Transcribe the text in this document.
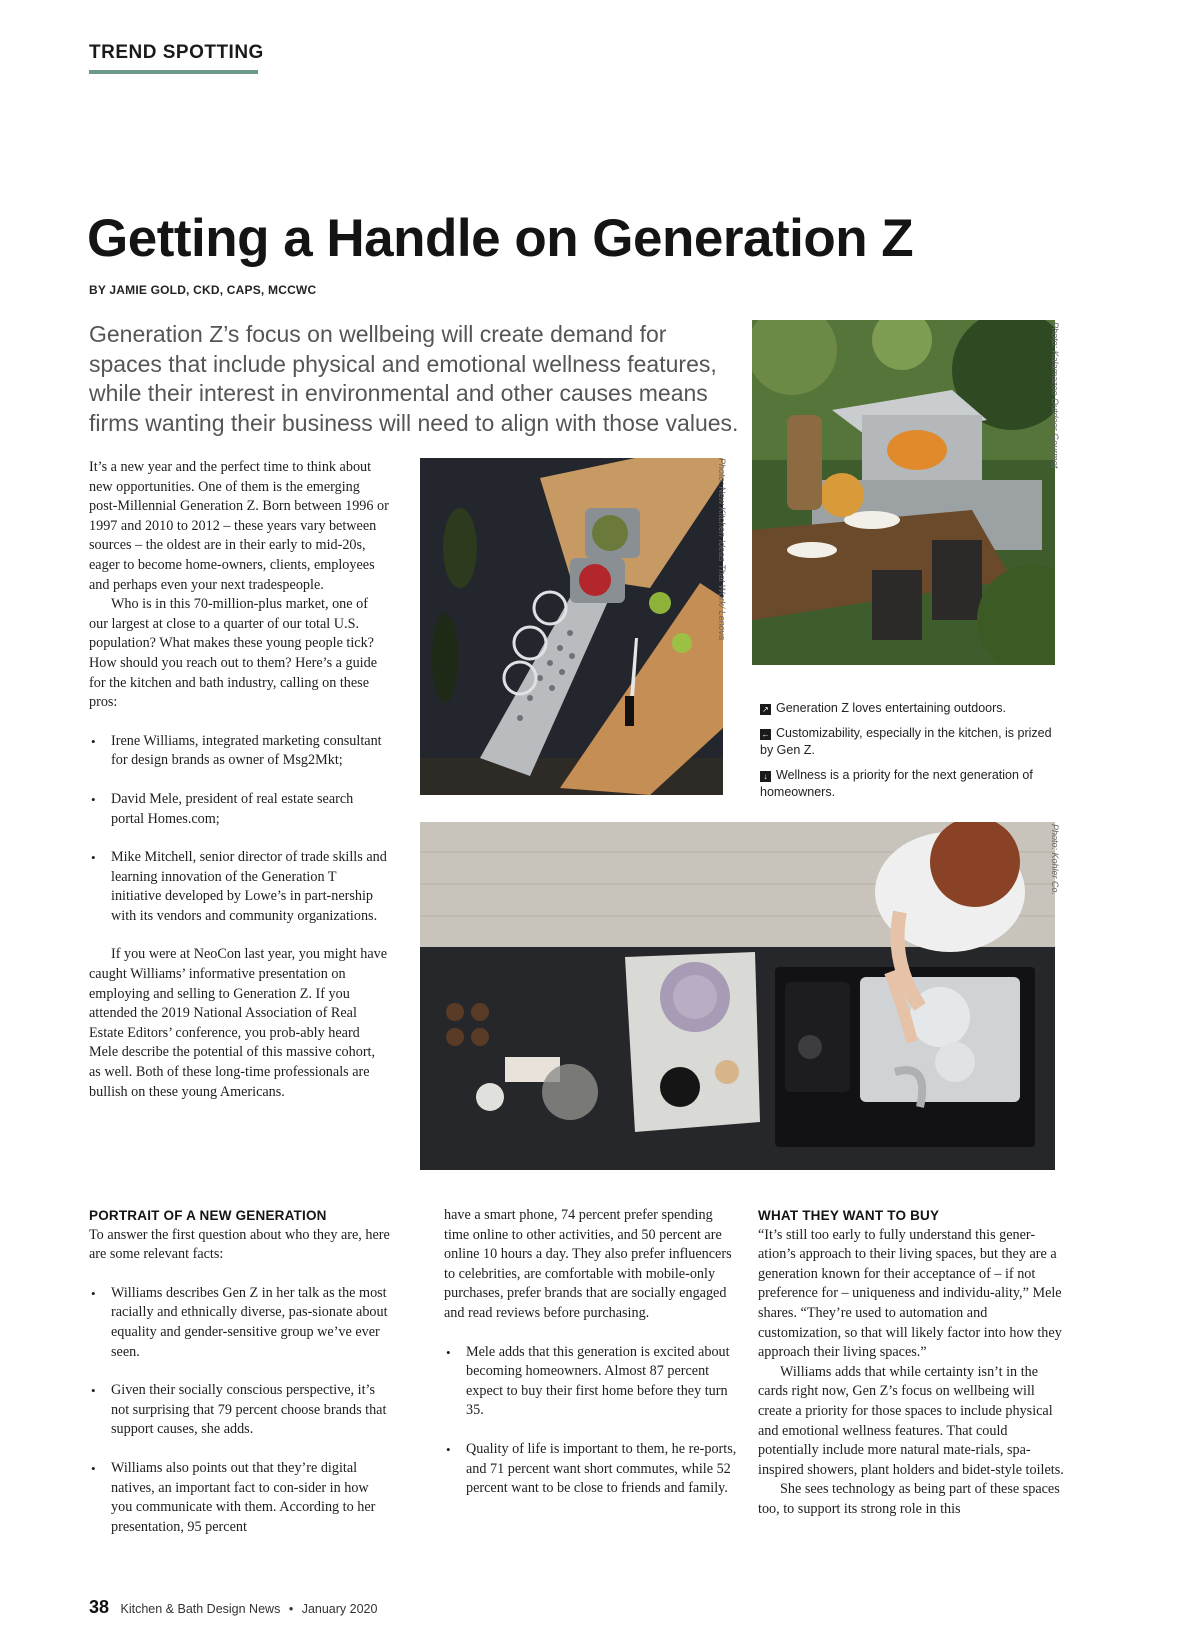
TREND SPOTTING
Getting a Handle on Generation Z
BY JAMIE GOLD, CKD, CAPS, MCCWC
Generation Z’s focus on wellbeing will create demand for spaces that include physical and emotional wellness features, while their interest in environmental and other causes means firms wanting their business will need to align with those values.

It’s a new year and the perfect time to think about new opportunities. One of them is the emerging post-Millennial Generation Z. Born between 1996 or 1997 and 2010 to 2012 – these years vary between sources – the oldest are in their early to mid-20s, eager to become home-owners, clients, employees and perhaps even your next tradespeople.

Who is in this 70-million-plus market, one of our largest at close to a quarter of our total U.S. population? What makes these young people tick? How should you reach out to them? Here’s a guide for the kitchen and bath industry, calling on these pros:

• Irene Williams, integrated marketing consultant for design brands as owner of Msg2Mkt;
• David Mele, president of real estate search portal Homes.com;
• Mike Mitchell, senior director of trade skills and learning innovation of the Generation T initiative developed by Lowe’s in part-nership with its vendors and community organizations.

If you were at NeoCon last year, you might have caught Williams’ informative presentation on employing and selling to Generation Z. If you attended the 2019 National Association of Real Estate Editors’ conference, you prob-ably heard Mele describe the potential of this massive cohort, as well. Both of these long-time professionals are bullish on these young Americans.

Photo: New Kitchen Ideas That Work/ Lenova
Photo: Kalamazoo Outdoor Gourmet

↗ Generation Z loves entertaining outdoors.

← Customizability, especially in the kitchen, is prized by Gen Z.

↓ Wellness is a priority for the next generation of homeowners.

Photo: Kohler Co.
PORTRAIT OF A NEW GENERATION

To answer the first question about who they are, here are some relevant facts:

• Williams describes Gen Z in her talk as the most racially and ethnically diverse, pas-sionate about equality and gender-sensitive group we’ve ever seen.
• Given their socially conscious perspective, it’s not surprising that 79 percent choose brands that support causes, she adds.
• Williams also points out that they’re digital natives, an important fact to con-sider in how you communicate with them. According to her presentation, 95 percent

have a smart phone, 74 percent prefer spending time online to other activities, and 50 percent are online 10 hours a day. They also prefer influencers to celebrities, are comfortable with mobile-only purchases, prefer brands that are socially engaged and read reviews before purchasing.

• Mele adds that this generation is excited about becoming homeowners. Almost 87 percent expect to buy their first home before they turn 35.
• Quality of life is important to them, he re-ports, and 71 percent want short commutes, while 52 percent want to be close to friends and family.
WHAT THEY WANT TO BUY

“It’s still too early to fully understand this gener-ation’s approach to their living spaces, but they are a generation known for their acceptance of – if not preference for – uniqueness and individu-ality,” Mele shares. “They’re used to automation and customization, so that will likely factor into how they approach their living spaces.”

Williams adds that while certainty isn’t in the cards right now, Gen Z’s focus on wellbeing will create a priority for those spaces to include physical and emotional wellness features. That could potentially include more natural mate-rials, spa-inspired showers, plant holders and bidet-style toilets.

She sees technology as being part of these spaces too, to support its strong role in this

38 Kitchen & Bath Design News • January 2020
